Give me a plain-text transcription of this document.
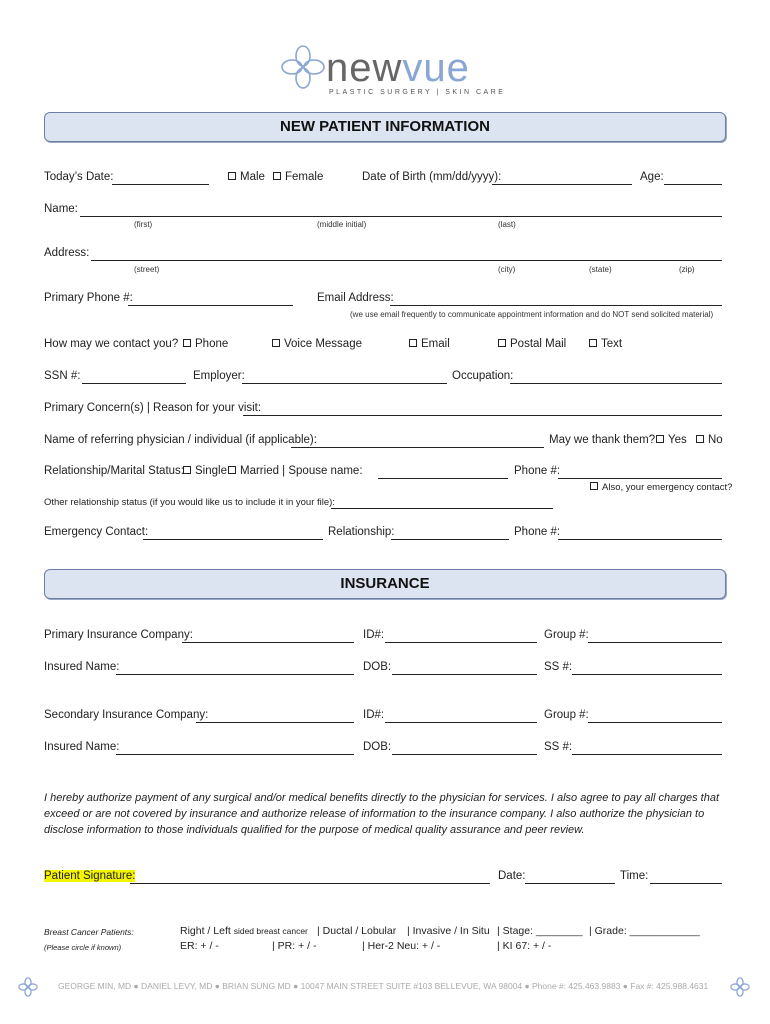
newvue
PLASTIC SURGERY | SKIN CARE
NEW PATIENT INFORMATION
Today’s Date:	Male	Female	Date of Birth (mm/dd/yyyy):	Age:
Name:
(first)	(middle initial)	(last)
Address:
(street)	(city)	(state)	(zip)
Primary Phone #:	Email Address:
(we use email frequently to communicate appointment information and do NOT send solicited material)
How may we contact you?	Phone	Voice Message	Email	Postal Mail	Text
SSN #:	Employer:	Occupation:
Primary Concern(s) | Reason for your visit:
Name of referring physician / individual (if applicable):	May we thank them?	Yes	No
Relationship/Marital Status: Single	Married | Spouse name:	Phone #:
Also, your emergency contact?
Other relationship status (if you would like us to include it in your file):
Emergency Contact:	Relationship:	Phone #:
INSURANCE
Primary Insurance Company:	ID#:	Group #:
Insured Name:	DOB:	SS #:
Secondary Insurance Company:	ID#:	Group #:
Insured Name:	DOB:	SS #:
I hereby authorize payment of any surgical and/or medical benefits directly to the physician for services. I also agree to pay all charges that exceed or are not covered by insurance and authorize release of information to the insurance company. I also authorize the physician to disclose information to those individuals qualified for the purpose of medical quality assurance and peer review.
Patient Signature:	Date:	Time:
Breast Cancer Patients:
(Please circle if known)
Right / Left sided breast cancer | Ductal / Lobular | Invasive / In Situ | Stage: ________ | Grade: ____________
ER: + / -	| PR: + / -	| Her-2 Neu: + / -	| KI 67: + / -
GEORGE MIN, MD ● DANIEL LEVY, MD ● BRIAN SUNG MD ● 10047 MAIN STREET SUITE #103 BELLEVUE, WA 98004 ● Phone #: 425.463.9883 ● Fax #: 425.988.4631
